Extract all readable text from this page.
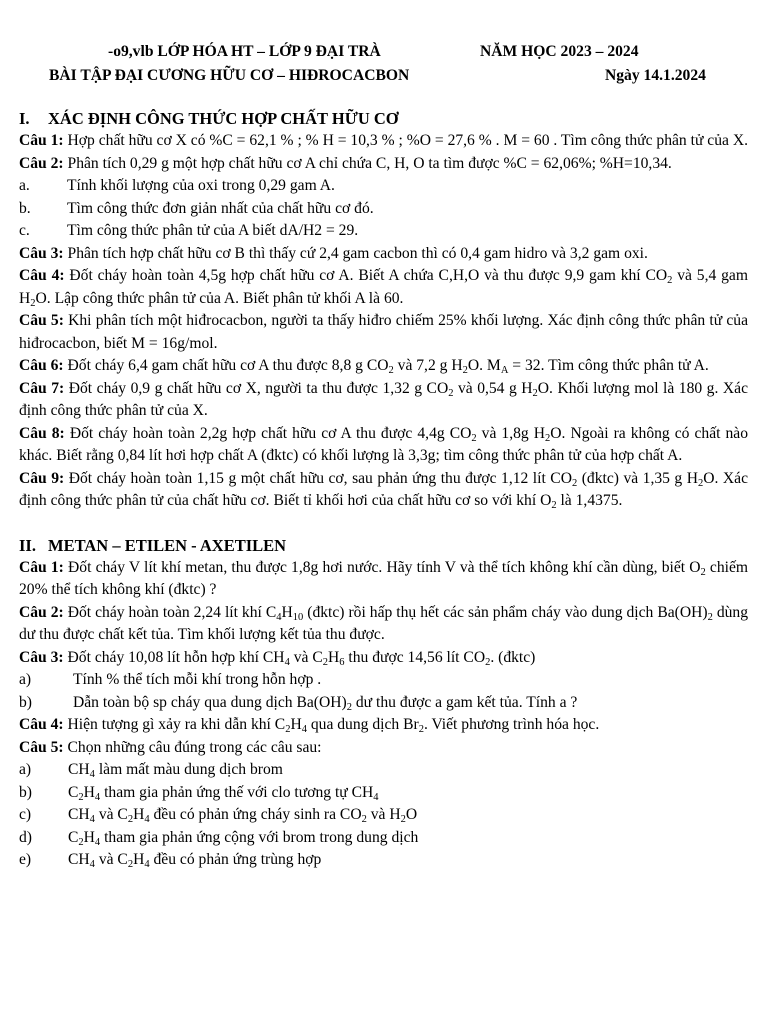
-o9,vlb LỚP HÓA HT – LỚP 9 ĐẠI TRÀ	NĂM HỌC 2023 – 2024
BÀI TẬP ĐẠI CƯƠNG HỮU CƠ – HIĐROCACBON	Ngày 14.1.2024
I. XÁC ĐỊNH CÔNG THỨC HỢP CHẤT HỮU CƠ

Câu 1: Hợp chất hữu cơ X có %C = 62,1 % ; % H = 10,3 % ; %O = 27,6 % . M = 60 . Tìm công thức phân tử của X.

Câu 2: Phân tích 0,29 g một hợp chất hữu cơ A chỉ chứa C, H, O ta tìm được %C = 62,06%; %H=10,34.

a. Tính khối lượng của oxi trong 0,29 gam A.
b. Tìm công thức đơn giản nhất của chất hữu cơ đó.
c. Tìm công thức phân tử của A biết dA/H2 = 29.

Câu 3: Phân tích hợp chất hữu cơ B thì thấy cứ 2,4 gam cacbon thì có 0,4 gam hidro và 3,2 gam oxi.

Câu 4: Đốt cháy hoàn toàn 4,5g hợp chất hữu cơ A. Biết A chứa C,H,O và thu được 9,9 gam khí $CO_2$ và 5,4 gam $H_2O$. Lập công thức phân tử của A. Biết phân tử khối A là 60.

Câu 5: Khi phân tích một hiđrocacbon, người ta thấy hiđro chiếm 25% khối lượng. Xác định công thức phân tử của hiđrocacbon, biết M = 16g/mol.

Câu 6: Đốt cháy 6,4 gam chất hữu cơ A thu được 8,8 g $CO_2$ và 7,2 g $H_2O$. $M_A = 32$. Tìm công thức phân tử A.

Câu 7: Đốt cháy 0,9 g chất hữu cơ X, người ta thu được 1,32 g $CO_2$ và 0,54 g $H_2O$. Khối lượng mol là 180 g. Xác định công thức phân tử của X.

Câu 8: Đốt cháy hoàn toàn 2,2g hợp chất hữu cơ A thu được 4,4g $CO_2$ và 1,8g $H_2O$. Ngoài ra không có chất nào khác. Biết rằng 0,84 lít hơi hợp chất A (đktc) có khối lượng là 3,3g; tìm công thức phân tử của hợp chất A.

Câu 9: Đốt cháy hoàn toàn 1,15 g một chất hữu cơ, sau phản ứng thu được 1,12 lít $CO_2$ (đktc) và 1,35 g $H_2O$. Xác định công thức phân tử của chất hữu cơ. Biết tỉ khối hơi của chất hữu cơ so với khí $O_2$ là 1,4375.

II. METAN – ETILEN - AXETILEN

Câu 1: Đốt cháy V lít khí metan, thu được 1,8g hơi nước. Hãy tính V và thể tích không khí cần dùng, biết $O_2$ chiếm 20% thể tích không khí (đktc) ?

Câu 2: Đốt cháy hoàn toàn 2,24 lít khí $C_4H_{10}$ (đktc) rồi hấp thụ hết các sản phẩm cháy vào dung dịch $Ba(OH)_2$ dùng dư thu được chất kết tủa. Tìm khối lượng kết tủa thu được.

Câu 3: Đốt cháy 10,08 lít hỗn hợp khí $CH_4$ và $C_2H_6$ thu được 14,56 lít $CO_2$. (đktc)

a)	Tính % thể tích mỗi khí trong hỗn hợp .
b)	Dẫn toàn bộ sp cháy qua dung dịch $Ba(OH)_2$ dư thu được a gam kết tủa. Tính a ?

Câu 4: Hiện tượng gì xảy ra khi dẫn khí $C_2H_4$ qua dung dịch $Br_2$. Viết phương trình hóa học.

Câu 5: Chọn những câu đúng trong các câu sau:

a) $CH_4$ làm mất màu dung dịch brom
b) $C_2H_4$ tham gia phản ứng thế với clo tương tự $CH_4$
c) $CH_4$ và $C_2H_4$ đều có phản ứng cháy sinh ra $CO_2$ và $H_2O$
d) $C_2H_4$ tham gia phản ứng cộng với brom trong dung dịch
e) $CH_4$ và $C_2H_4$ đều có phản ứng trùng hợp
